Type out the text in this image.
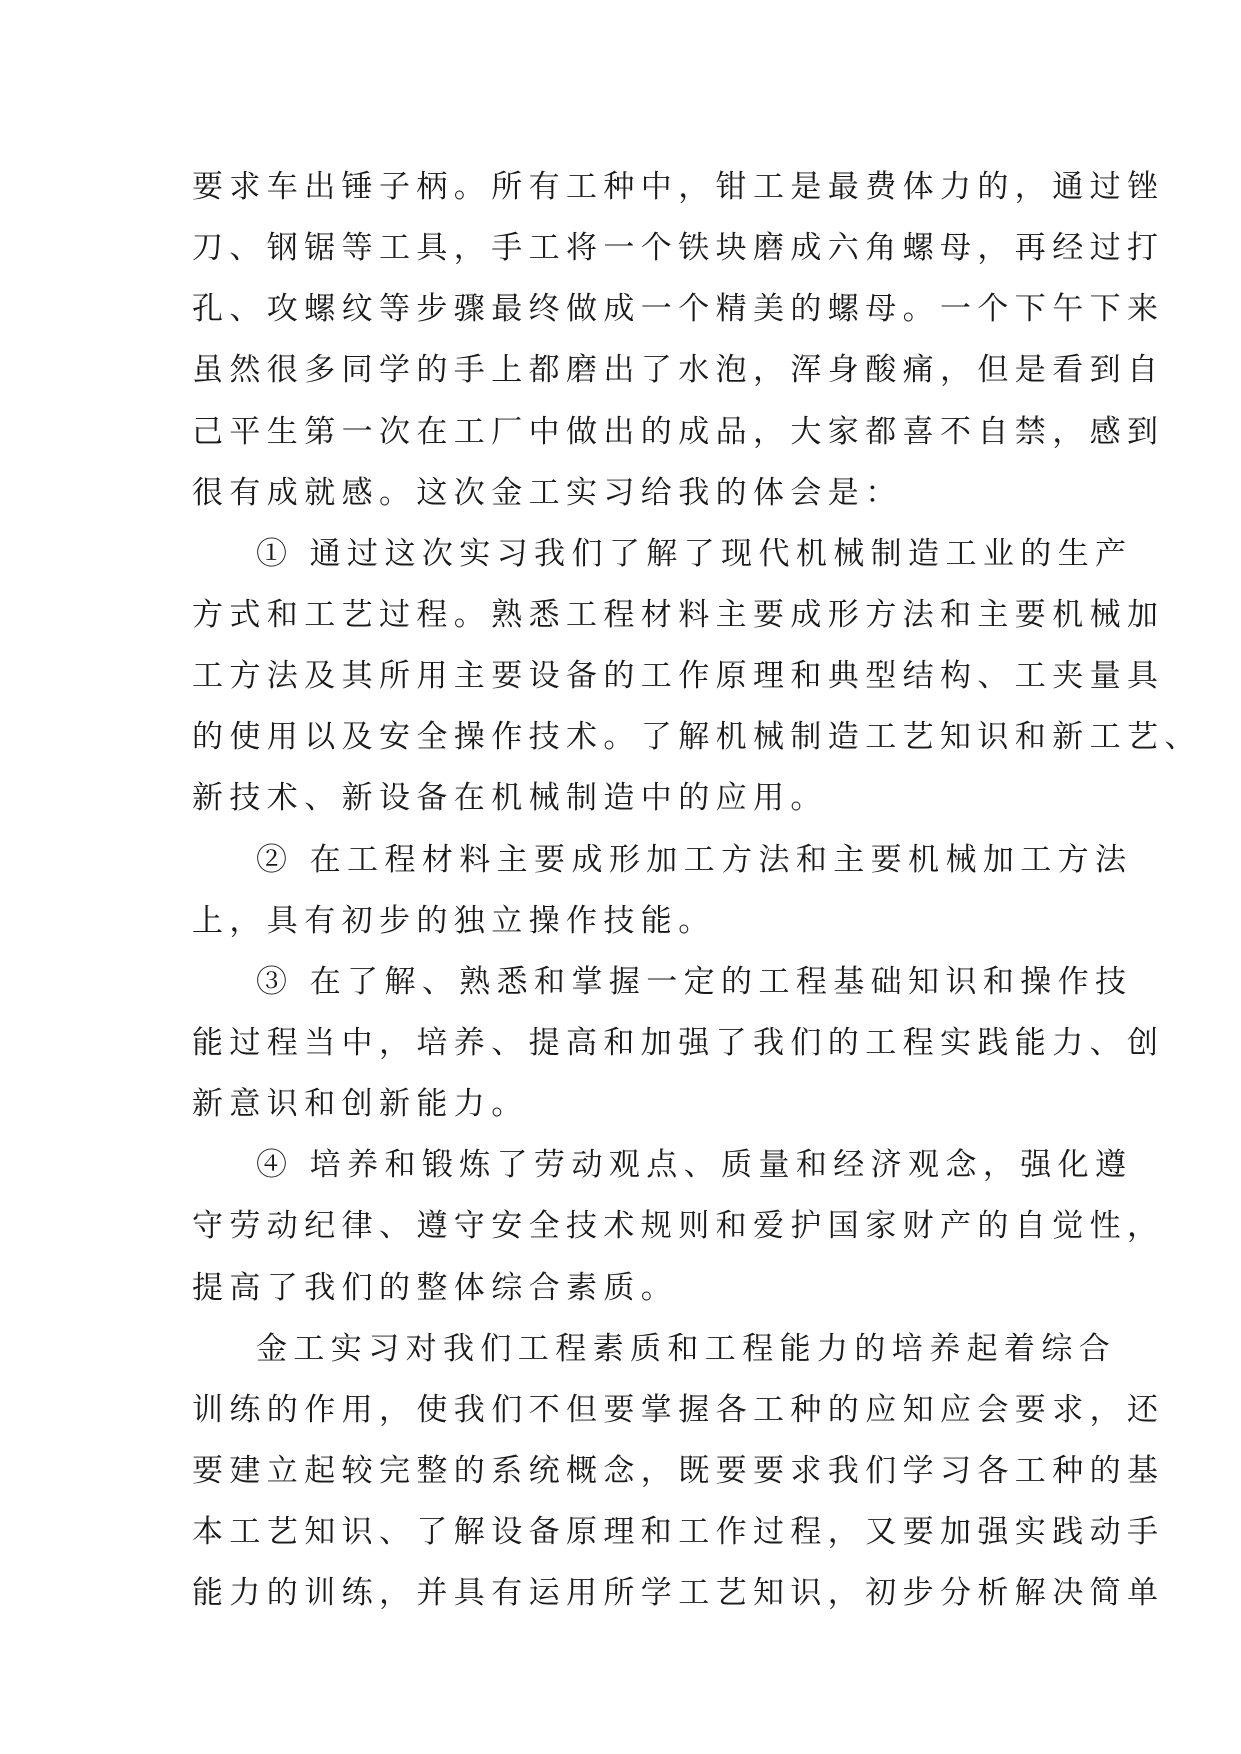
要求车出锤子柄。所有工种中，钳工是最费体力的，通过锉
刀、钢锯等工具，手工将一个铁块磨成六角螺母，再经过打
孔、攻螺纹等步骤最终做成一个精美的螺母。一个下午下来
虽然很多同学的手上都磨出了水泡，浑身酸痛，但是看到自
己平生第一次在工厂中做出的成品，大家都喜不自禁，感到
很有成就感。这次金工实习给我的体会是：
① 通过这次实习我们了解了现代机械制造工业的生产
方式和工艺过程。熟悉工程材料主要成形方法和主要机械加
工方法及其所用主要设备的工作原理和典型结构、工夹量具
的使用以及安全操作技术。了解机械制造工艺知识和新工艺、
新技术、新设备在机械制造中的应用。
② 在工程材料主要成形加工方法和主要机械加工方法
上，具有初步的独立操作技能。
③ 在了解、熟悉和掌握一定的工程基础知识和操作技
能过程当中，培养、提高和加强了我们的工程实践能力、创
新意识和创新能力。
④ 培养和锻炼了劳动观点、质量和经济观念，强化遵
守劳动纪律、遵守安全技术规则和爱护国家财产的自觉性，
提高了我们的整体综合素质。
金工实习对我们工程素质和工程能力的培养起着综合
训练的作用，使我们不但要掌握各工种的应知应会要求，还
要建立起较完整的系统概念，既要要求我们学习各工种的基
本工艺知识、了解设备原理和工作过程，又要加强实践动手
能力的训练，并具有运用所学工艺知识，初步分析解决简单
